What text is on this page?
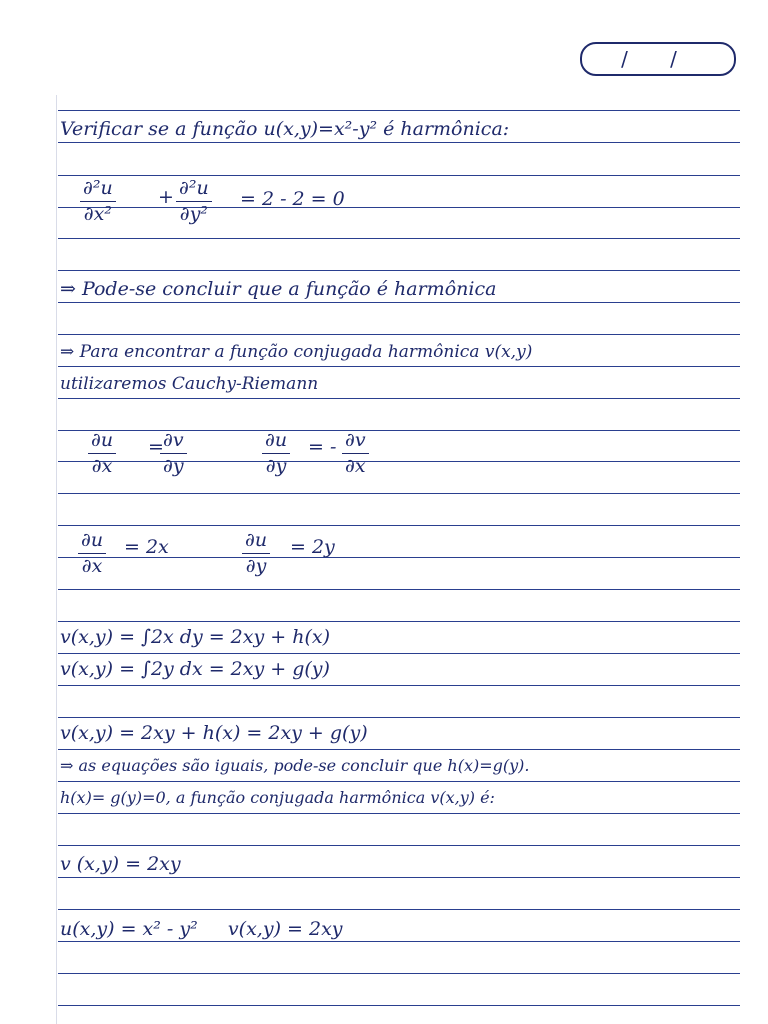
/ /

Verificar se a função u(x,y)=x²-y² é harmônica:

$\frac{\text{∂²u}}{\text{∂x²}} + \frac{\text{∂²u}}{\text{∂y²}} = 2 - 2 = 0$

⇒ Pode-se concluir que a função é harmônica

⇒ Para encontrar a função conjugada harmônica v(x,y)

utilizaremos Cauchy-Riemann

$\frac{\partial u}{\partial x}$ =
$\frac{\partial v}{\partial y}$	$\frac{\partial u}{\partial y}$ = - $\frac{\partial v}{\partial x}$
$\frac{\partial u}{\partial x} = 2x$	$\frac{\partial u}{\partial y} = 2y$

v(x,y) = ∫2x dy = 2xy + h(x)

v(x,y) = ∫2y dx = 2xy + g(y)

v(x,y) = 2xy + h(x) = 2xy + g(y)

⇒ as equações são iguais, pode-se concluir que h(x)=g(y).

h(x)= g(y)=0, a função conjugada harmônica v(x,y) é:

v (x,y) = 2xy

u(x,y) = x² - y²     v(x,y) = 2xy
